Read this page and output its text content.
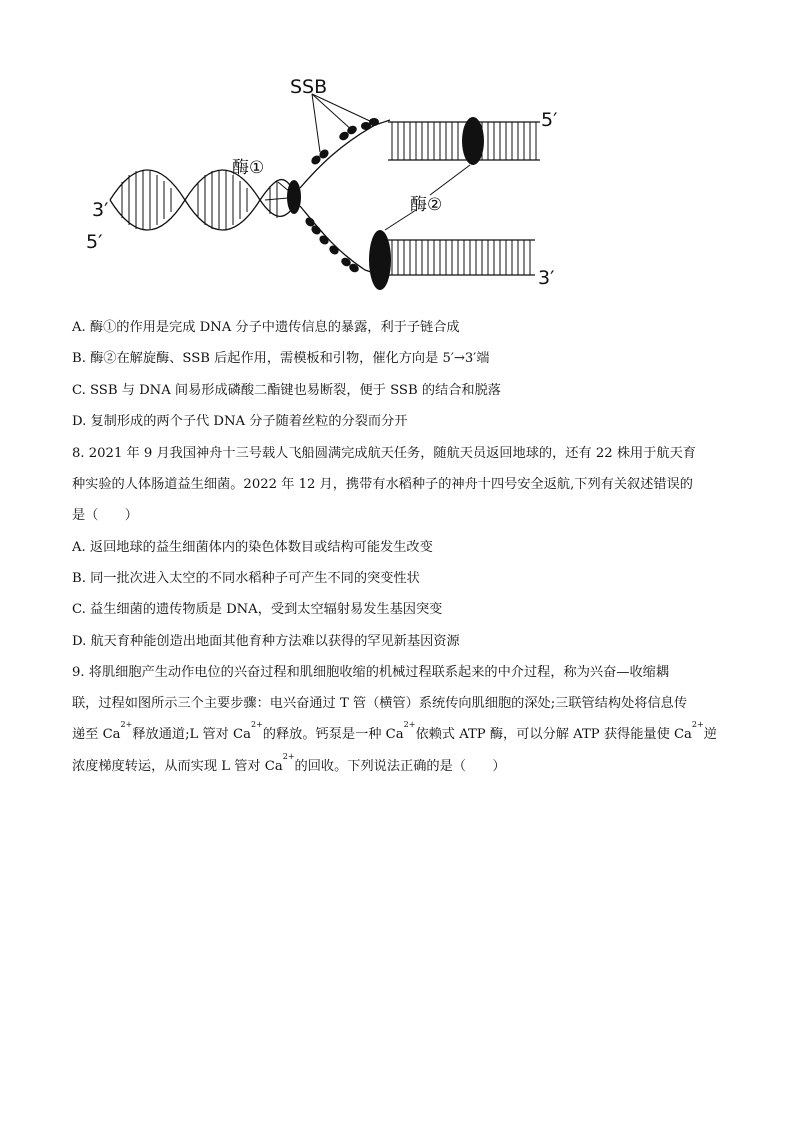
SSB
酶①
酶②
3′
5′
5′
3′
A. 酶①的作用是完成 DNA 分子中遗传信息的暴露，利于子链合成
B. 酶②在解旋酶、SSB 后起作用，需模板和引物，催化方向是 5′→3′端
C. SSB 与 DNA 间易形成磷酸二酯键也易断裂，便于 SSB 的结合和脱落
D. 复制形成的两个子代 DNA 分子随着丝粒的分裂而分开
8. 2021 年 9 月我国神舟十三号载人飞船圆满完成航天任务，随航天员返回地球的，还有 22 株用于航天育
种实验的人体肠道益生细菌。2022 年 12 月，携带有水稻种子的神舟十四号安全返航,下列有关叙述错误的
是（　　）
A. 返回地球的益生细菌体内的染色体数目或结构可能发生改变
B. 同一批次进入太空的不同水稻种子可产生不同的突变性状
C. 益生细菌的遗传物质是 DNA，受到太空辐射易发生基因突变
D. 航天育种能创造出地面其他育种方法难以获得的罕见新基因资源
9. 将肌细胞产生动作电位的兴奋过程和肌细胞收缩的机械过程联系起来的中介过程，称为兴奋—收缩耦
联，过程如图所示三个主要步骤：电兴奋通过 T 管（横管）系统传向肌细胞的深处;三联管结构处将信息传
递至 $Ca^{2+}$释放通道;L 管对 $Ca^{2+}$的释放。钙泵是一种 $Ca^{2+}$依赖式 ATP 酶，可以分解 ATP 获得能量使 $Ca^{2+}$逆
浓度梯度转运，从而实现 L 管对 $Ca^{2+}$的回收。下列说法正确的是（　　）
